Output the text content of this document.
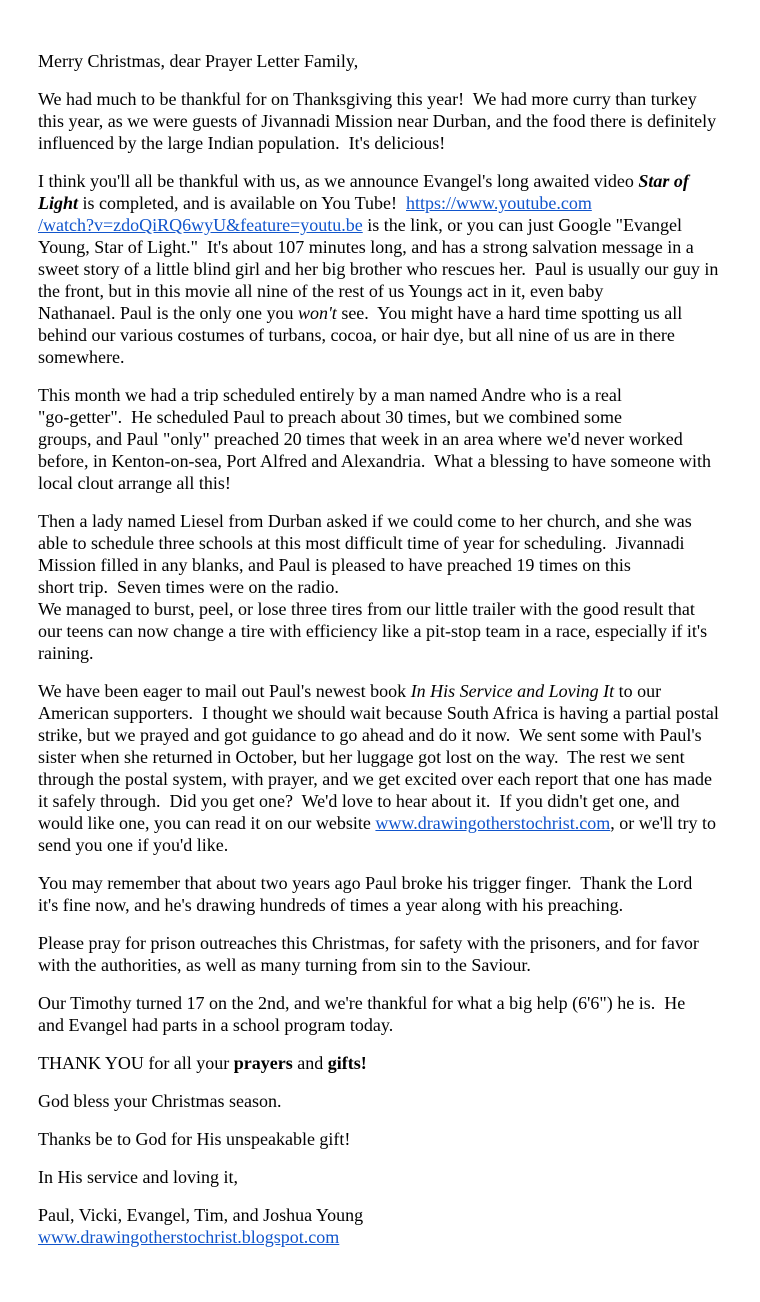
Merry Christmas, dear Prayer Letter Family,
We had much to be thankful for on Thanksgiving this year!  We had more curry than turkey
this year, as we were guests of Jivannadi Mission near Durban, and the food there is definitely
influenced by the large Indian population.  It's delicious!
I think you'll all be thankful with us, as we announce Evangel's long awaited video Star of
Light is completed, and is available on You Tube!  https://www.youtube.com
/watch?v=zdoQiRQ6wyU&feature=youtu.be is the link, or you can just Google "Evangel
Young, Star of Light."  It's about 107 minutes long, and has a strong salvation message in a
sweet story of a little blind girl and her big brother who rescues her.  Paul is usually our guy in
the front, but in this movie all nine of the rest of us Youngs act in it, even baby
Nathanael. Paul is the only one you won't see.  You might have a hard time spotting us all
behind our various costumes of turbans, cocoa, or hair dye, but all nine of us are in there
somewhere.
This month we had a trip scheduled entirely by a man named Andre who is a real
"go-getter".  He scheduled Paul to preach about 30 times, but we combined some
groups, and Paul "only" preached 20 times that week in an area where we'd never worked
before, in Kenton-on-sea, Port Alfred and Alexandria.  What a blessing to have someone with
local clout arrange all this!
Then a lady named Liesel from Durban asked if we could come to her church, and she was
able to schedule three schools at this most difficult time of year for scheduling.  Jivannadi
Mission filled in any blanks, and Paul is pleased to have preached 19 times on this
short trip.  Seven times were on the radio.
We managed to burst, peel, or lose three tires from our little trailer with the good result that
our teens can now change a tire with efficiency like a pit-stop team in a race, especially if it's
raining.
We have been eager to mail out Paul's newest book In His Service and Loving It to our
American supporters.  I thought we should wait because South Africa is having a partial postal
strike, but we prayed and got guidance to go ahead and do it now.  We sent some with Paul's
sister when she returned in October, but her luggage got lost on the way.  The rest we sent
through the postal system, with prayer, and we get excited over each report that one has made
it safely through.  Did you get one?  We'd love to hear about it.  If you didn't get one, and
would like one, you can read it on our website www.drawingotherstochrist.com, or we'll try to
send you one if you'd like.
You may remember that about two years ago Paul broke his trigger finger.  Thank the Lord
it's fine now, and he's drawing hundreds of times a year along with his preaching.
Please pray for prison outreaches this Christmas, for safety with the prisoners, and for favor
with the authorities, as well as many turning from sin to the Saviour.
Our Timothy turned 17 on the 2nd, and we're thankful for what a big help (6'6") he is.  He
and Evangel had parts in a school program today.
THANK YOU for all your prayers and gifts!
God bless your Christmas season.
Thanks be to God for His unspeakable gift!
In His service and loving it,
Paul, Vicki, Evangel, Tim, and Joshua Young
www.drawingotherstochrist.blogspot.com
